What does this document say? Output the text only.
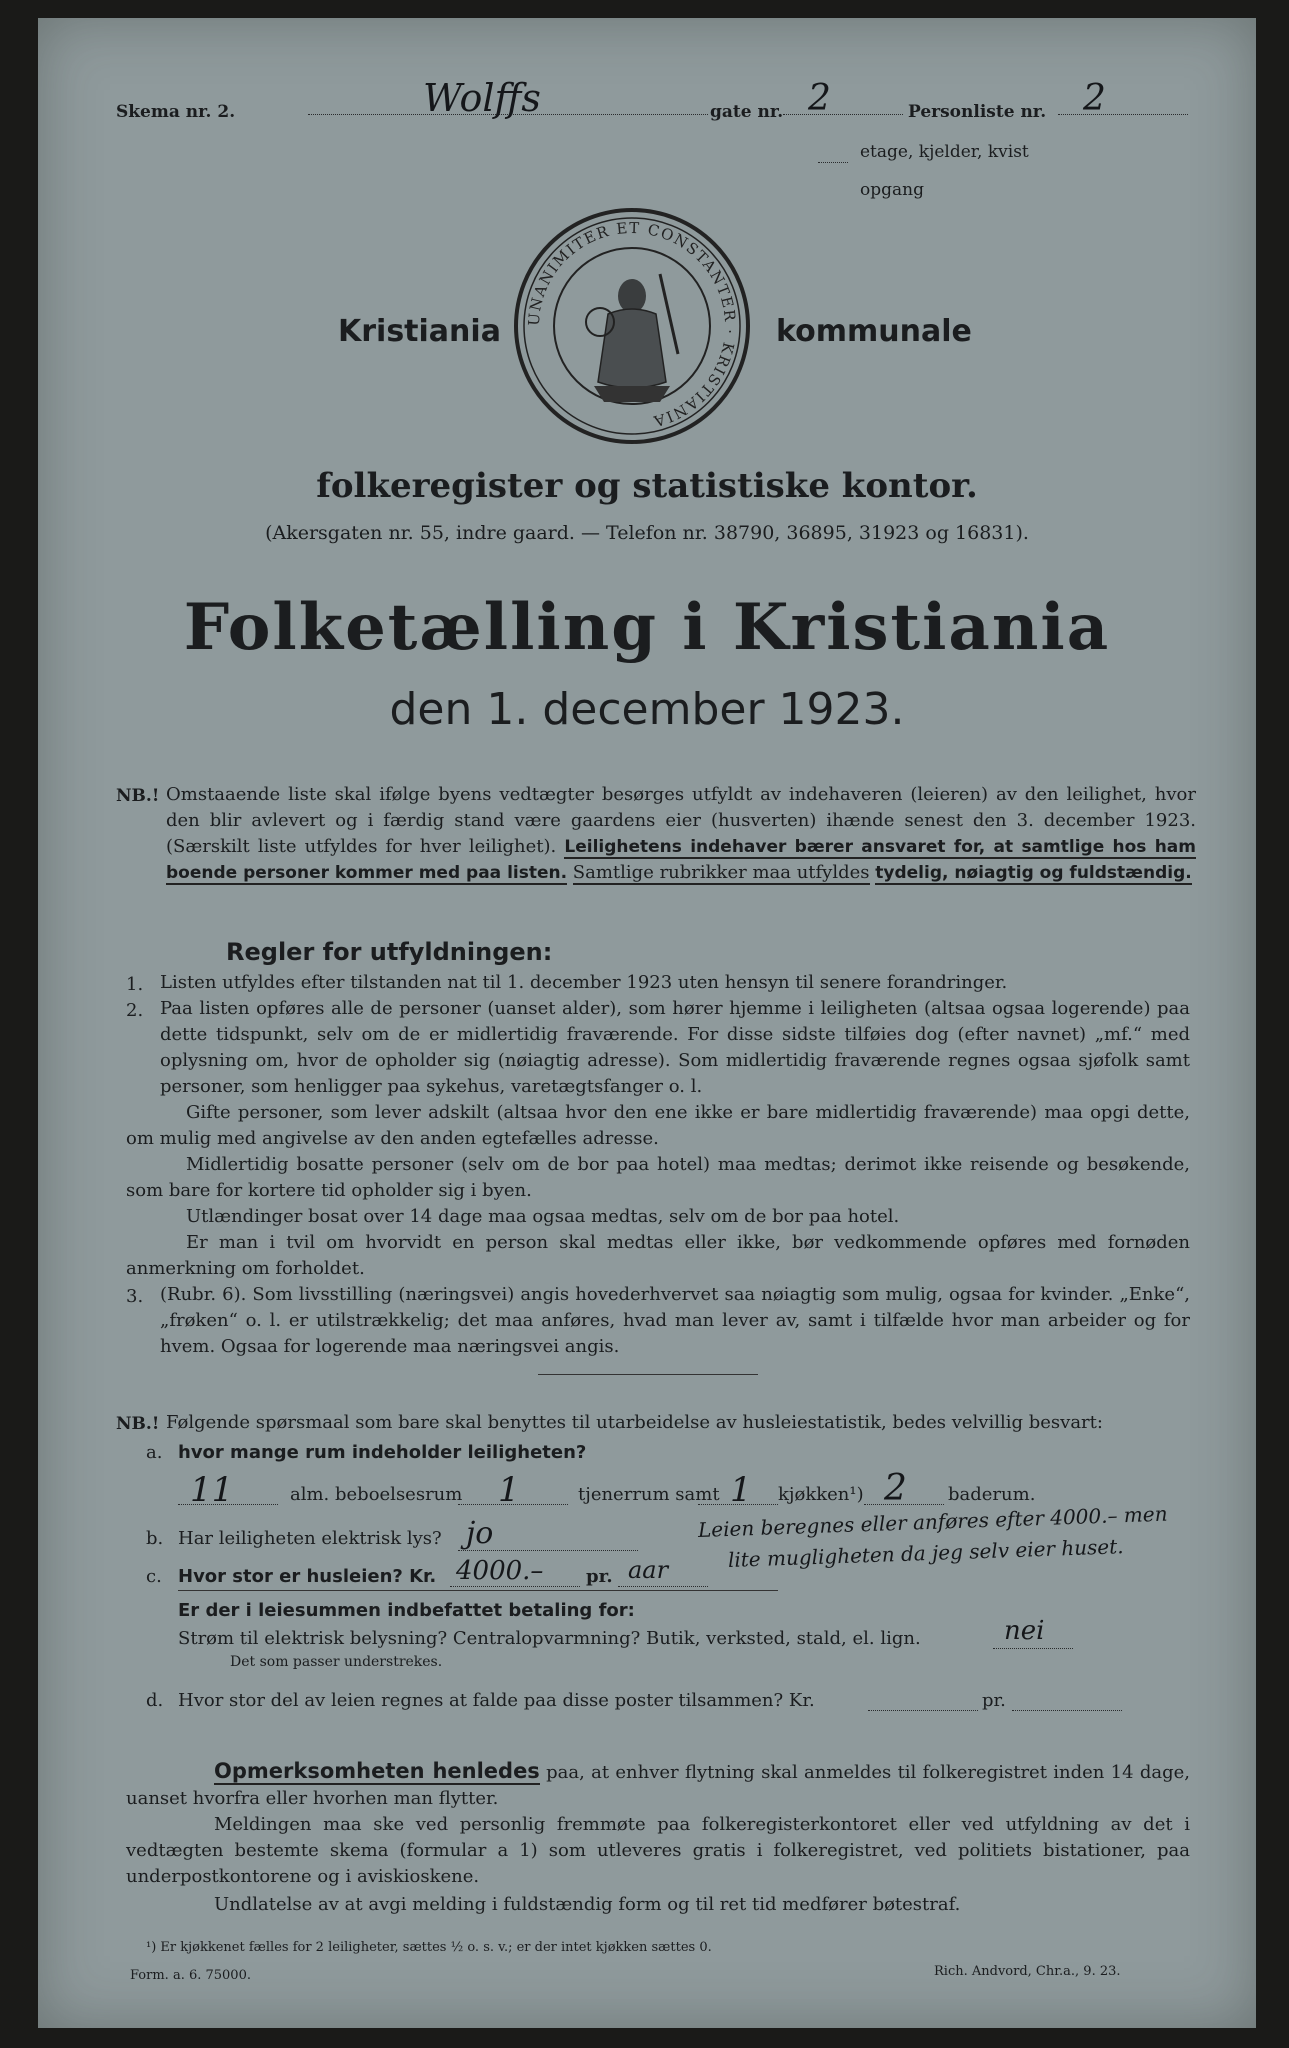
Skema nr. 2.	Wolffs	gate nr. 2	Personliste nr. 2
etage, kjelder, kvist
opgang
Kristiania	kommunale
UNANIMITER ET CONSTANTER · KRISTIANIA
folkeregister og statistiske kontor.
(Akersgaten nr. 55, indre gaard. — Telefon nr. 38790, 36895, 31923 og 16831).
Folketælling i Kristiania
den 1. december 1923.
NB.! Omstaaende liste skal ifølge byens vedtægter besørges utfyldt av indehaveren (leieren) av den leilighet, hvor den blir avlevert og i færdig stand være gaardens eier (husverten) ihænde senest den 3. december 1923. (Særskilt liste utfyldes for hver leilighet). Leilighetens indehaver bærer ansvaret for, at samtlige hos ham boende personer kommer med paa listen. Samtlige rubrikker maa utfyldes tydelig, nøiagtig og fuldstændig.
Regler for utfyldningen:
1. Listen utfyldes efter tilstanden nat til 1. december 1923 uten hensyn til senere forandringer.
2. Paa listen opføres alle de personer (uanset alder), som hører hjemme i leiligheten (altsaa ogsaa logerende) paa dette tidspunkt, selv om de er midlertidig fraværende. For disse sidste tilføies dog (efter navnet) „mf.“ med oplysning om, hvor de opholder sig (nøiagtig adresse). Som midlertidig fraværende regnes ogsaa sjøfolk samt personer, som henligger paa sykehus, varetægtsfanger o. l.
Gifte personer, som lever adskilt (altsaa hvor den ene ikke er bare midlertidig fraværende) maa opgi dette, om mulig med angivelse av den anden egtefælles adresse.
Midlertidig bosatte personer (selv om de bor paa hotel) maa medtas; derimot ikke reisende og besøkende, som bare for kortere tid opholder sig i byen.
Utlændinger bosat over 14 dage maa ogsaa medtas, selv om de bor paa hotel.
Er man i tvil om hvorvidt en person skal medtas eller ikke, bør vedkommende opføres med fornøden anmerkning om forholdet.
3. (Rubr. 6). Som livsstilling (næringsvei) angis hovederhvervet saa nøiagtig som mulig, ogsaa for kvinder. „Enke“, „frøken“ o. l. er utilstrækkelig; det maa anføres, hvad man lever av, samt i tilfælde hvor man arbeider og for hvem. Ogsaa for logerende maa næringsvei angis.
NB.! Følgende spørsmaal som bare skal benyttes til utarbeidelse av husleiestatistik, bedes velvillig besvart:
a. hvor mange rum indeholder leiligheten?
11	alm. beboelsesrum 1	tjenerrum samt 1 kjøkken¹) 2 baderum.
b. Har leiligheten elektrisk lys? jo	Leien beregnes eller anføres efter 4000.– men
lite mugligheten da jeg selv eier huset.
c. Hvor stor er husleien? Kr. 4000.– pr. aar
Er der i leiesummen indbefattet betaling for:
Strøm til elektrisk belysning? Centralopvarmning? Butik, verksted, stald, el. lign.	nei
Det som passer understrekes.
d. Hvor stor del av leien regnes at falde paa disse poster tilsammen? Kr.	pr.
Opmerksomheten henledes paa, at enhver flytning skal anmeldes til folkeregistret inden 14 dage, uanset hvorfra eller hvorhen man flytter.
Meldingen maa ske ved personlig fremmøte paa folkeregisterkontoret eller ved utfyldning av det i vedtægten bestemte skema (formular a 1) som utleveres gratis i folkeregistret, ved politiets bistationer, paa underpostkontorene og i aviskioskene.
Undlatelse av at avgi melding i fuldstændig form og til ret tid medfører bøtestraf.
¹) Er kjøkkenet fælles for 2 leiligheter, sættes ½ o. s. v.; er der intet kjøkken sættes 0.
Form. a. 6. 75000.	Rich. Andvord, Chr.a., 9. 23.
